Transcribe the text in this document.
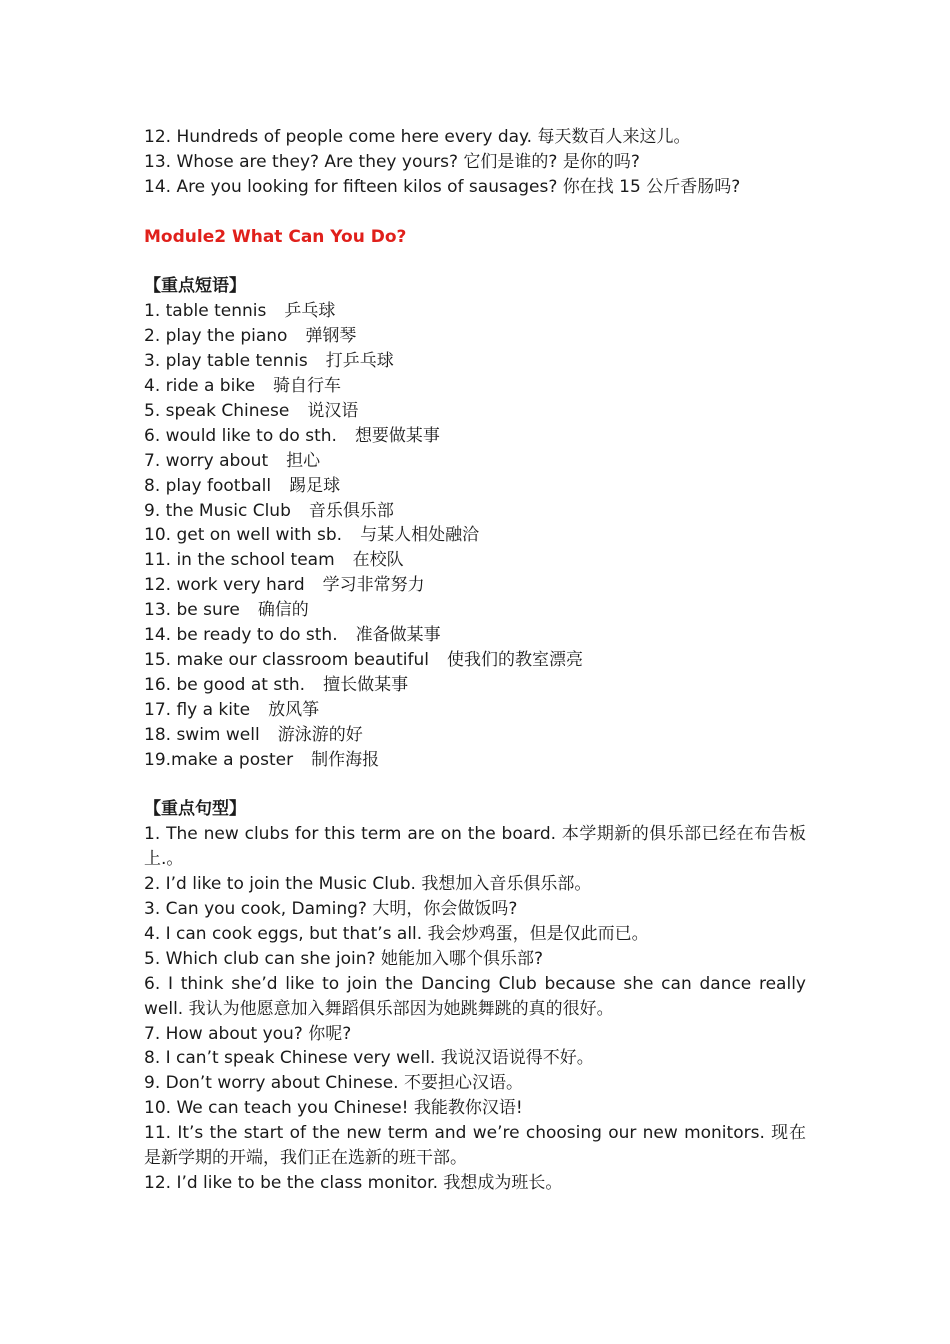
12. Hundreds of people come here every day. 每天数百人来这儿。

13. Whose are they? Are they yours? 它们是谁的? 是你的吗?

14. Are you looking for fifteen kilos of sausages? 你在找 15 公斤香肠吗?

Module2 What Can You Do?

【重点短语】

1. table tennis 乒乓球

2. play the piano 弹钢琴

3. play table tennis 打乒乓球

4. ride a bike 骑自行车

5. speak Chinese 说汉语

6. would like to do sth. 想要做某事

7. worry about 担心

8. play football 踢足球

9. the Music Club 音乐俱乐部

10. get on well with sb. 与某人相处融洽

11. in the school team 在校队

12. work very hard 学习非常努力

13. be sure 确信的

14. be ready to do sth. 准备做某事

15. make our classroom beautiful 使我们的教室漂亮

16. be good at sth. 擅长做某事

17. fly a kite 放风筝

18. swim well 游泳游的好

19.make a poster 制作海报

【重点句型】

1. The new clubs for this term are on the board. 本学期新的俱乐部已经在布告板上.。

2. I’d like to join the Music Club. 我想加入音乐俱乐部。

3. Can you cook, Daming? 大明，你会做饭吗?

4. I can cook eggs, but that’s all. 我会炒鸡蛋，但是仅此而已。

5. Which club can she join? 她能加入哪个俱乐部?

6. I think she’d like to join the Dancing Club because she can dance really well. 我认为他愿意加入舞蹈俱乐部因为她跳舞跳的真的很好。

7. How about you? 你呢?

8. I can’t speak Chinese very well. 我说汉语说得不好。

9. Don’t worry about Chinese. 不要担心汉语。

10. We can teach you Chinese! 我能教你汉语!

11. It’s the start of the new term and we’re choosing our new monitors. 现在是新学期的开端，我们正在选新的班干部。

12. I’d like to be the class monitor. 我想成为班长。
